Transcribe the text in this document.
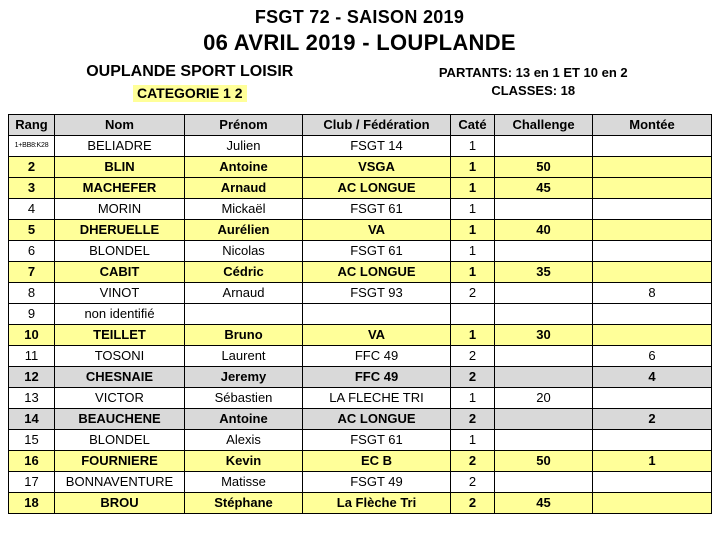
FSGT 72 - SAISON 2019
06 AVRIL 2019 - LOUPLANDE
OUPLANDE SPORT LOISIR
CATEGORIE 1 2
PARTANTS: 13 en 1 ET 10 en 2
CLASSES: 18
Rang	Nom	Prénom	Club / Fédération	Caté	Challenge	Montée
1+BB8:K28	BELIADRE	Julien	FSGT 14	1		
2	BLIN	Antoine	VSGA	1	50	
3	MACHEFER	Arnaud	AC LONGUE	1	45	
4	MORIN	Mickaël	FSGT 61	1		
5	DHERUELLE	Aurélien	VA	1	40	
6	BLONDEL	Nicolas	FSGT 61	1		
7	CABIT	Cédric	AC LONGUE	1	35	
8	VINOT	Arnaud	FSGT 93	2		8
9	non identifié					
10	TEILLET	Bruno	VA	1	30	
11	TOSONI	Laurent	FFC 49	2		6
12	CHESNAIE	Jeremy	FFC 49	2		4
13	VICTOR	Sébastien	LA FLECHE TRI	1	20	
14	BEAUCHENE	Antoine	AC LONGUE	2		2
15	BLONDEL	Alexis	FSGT 61	1		
16	FOURNIERE	Kevin	EC B	2	50	1
17	BONNAVENTURE	Matisse	FSGT 49	2		
18	BROU	Stéphane	La Flèche Tri	2	45	
